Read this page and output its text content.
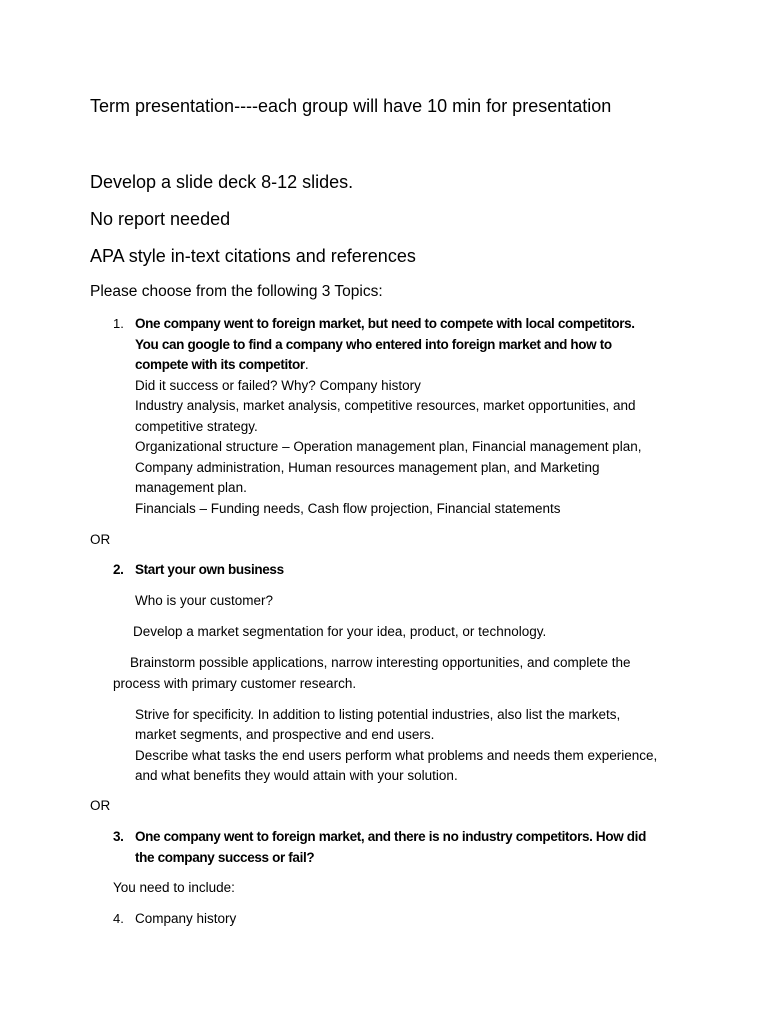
Term presentation----each group will have 10 min for presentation
Develop a slide deck 8-12 slides.
No report needed
APA style in-text citations and references
Please choose from the following 3 Topics:
1. One company went to foreign market, but need to compete with local competitors.
You can google to find a company who entered into foreign market and how to
compete with its competitor.
Did it success or failed? Why? Company history
Industry analysis, market analysis, competitive resources, market opportunities, and
competitive strategy.
Organizational structure – Operation management plan, Financial management plan,
Company administration, Human resources management plan, and Marketing
management plan.
Financials – Funding needs, Cash flow projection, Financial statements
OR
2. Start your own business
Who is your customer?
Develop a market segmentation for your idea, product, or technology.
Brainstorm possible applications, narrow interesting opportunities, and complete the
process with primary customer research.
Strive for specificity. In addition to listing potential industries, also list the markets,
market segments, and prospective and end users.
Describe what tasks the end users perform what problems and needs them experience,
and what benefits they would attain with your solution.
OR
3. One company went to foreign market, and there is no industry competitors. How did
the company success or fail?
You need to include:
4. Company history
